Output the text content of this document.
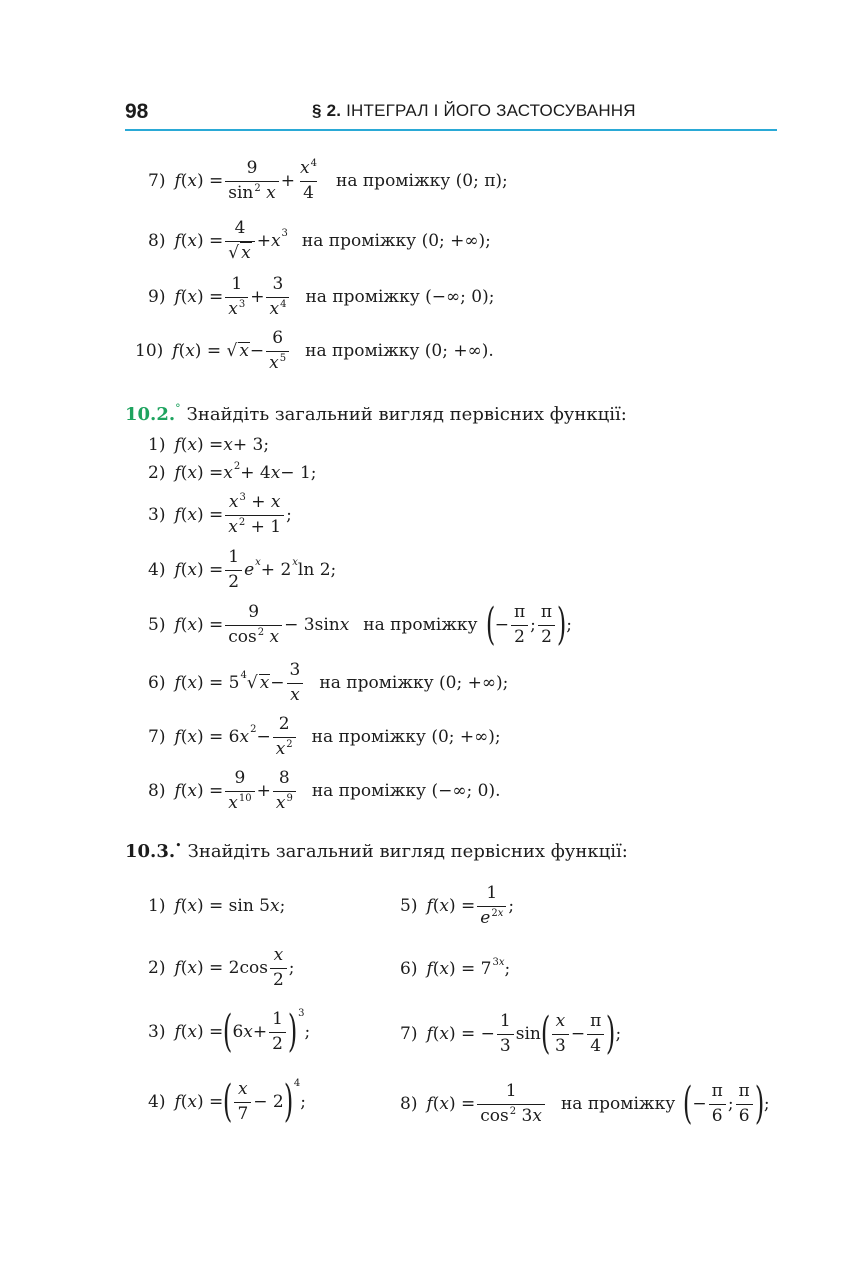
98	§ 2. ІНТЕГРАЛ І ЙОГО ЗАСТОСУВАННЯ
7) f ( x ) = $\frac{9}{\sin^2 x} + \frac{x^4}{4}$ на проміжку (0; π);
8) f ( x ) = $\frac{4}{√ x} + x^3$ на проміжку (0; +∞);
9) f ( x ) = $\frac{1}{x^3} + \frac{3}{x^4}$ на проміжку (−∞; 0);
10) f ( x ) = √ $x - \frac{6}{x^5}$ на проміжку (0; +∞).
10.2. ° Знайдіть загальний вигляд первісних функції:
1) f ( x ) = x + 3;
2) f ( x ) = $x^2 + 4$ x − 1;
3) f ( x ) = $\frac{x^3 + x}{x^2 + 1}$ ;
4) f ( x ) = $\frac{1}{2}$ e $^x$ + 2 $^x$ ln 2;
5) f ( x ) = $\frac{9}{\cos^2 x} - 3\sin$ x на проміжку ( − $\frac{\pi}{2}$ ; $\frac{\pi}{2}$ ) ;
6) f ( x ) = $5^4$ √ $x - \frac{3}{x}$ на проміжку (0; +∞);
7) f ( x ) = 6 $x^2 - \frac{2}{x^2}$ на проміжку (0; +∞);
8) f ( x ) = $\frac{9}{x^{10}} + \frac{8}{x^9}$ на проміжку (−∞; 0).
10.3. • Знайдіть загальний вигляд первісних функції:
1) f ( x ) = sin 5 x ;	5) f ( x ) = $\frac{1}{e^{2x}}$ ;
2) f ( x ) = $2\cos \frac{x}{2}$ ;	6) f ( x ) = $7^{3x}$ ;
3) f ( x ) = ( 6 $x + \frac{1}{2} )^3$
;	7) f ( x ) = − $\frac{1}{3}$ sin ( $\frac{x}{3} - \frac{\pi}{4}$ ) ;
4) f ( x ) = ( $\frac{x}{7} - 2$ )$^4$
;	8) f ( x ) = $\frac{1}{\cos^2 3x}$ на проміжку ( − $\frac{\pi}{6}$ ; $\frac{\pi}{6}$ ) ;
